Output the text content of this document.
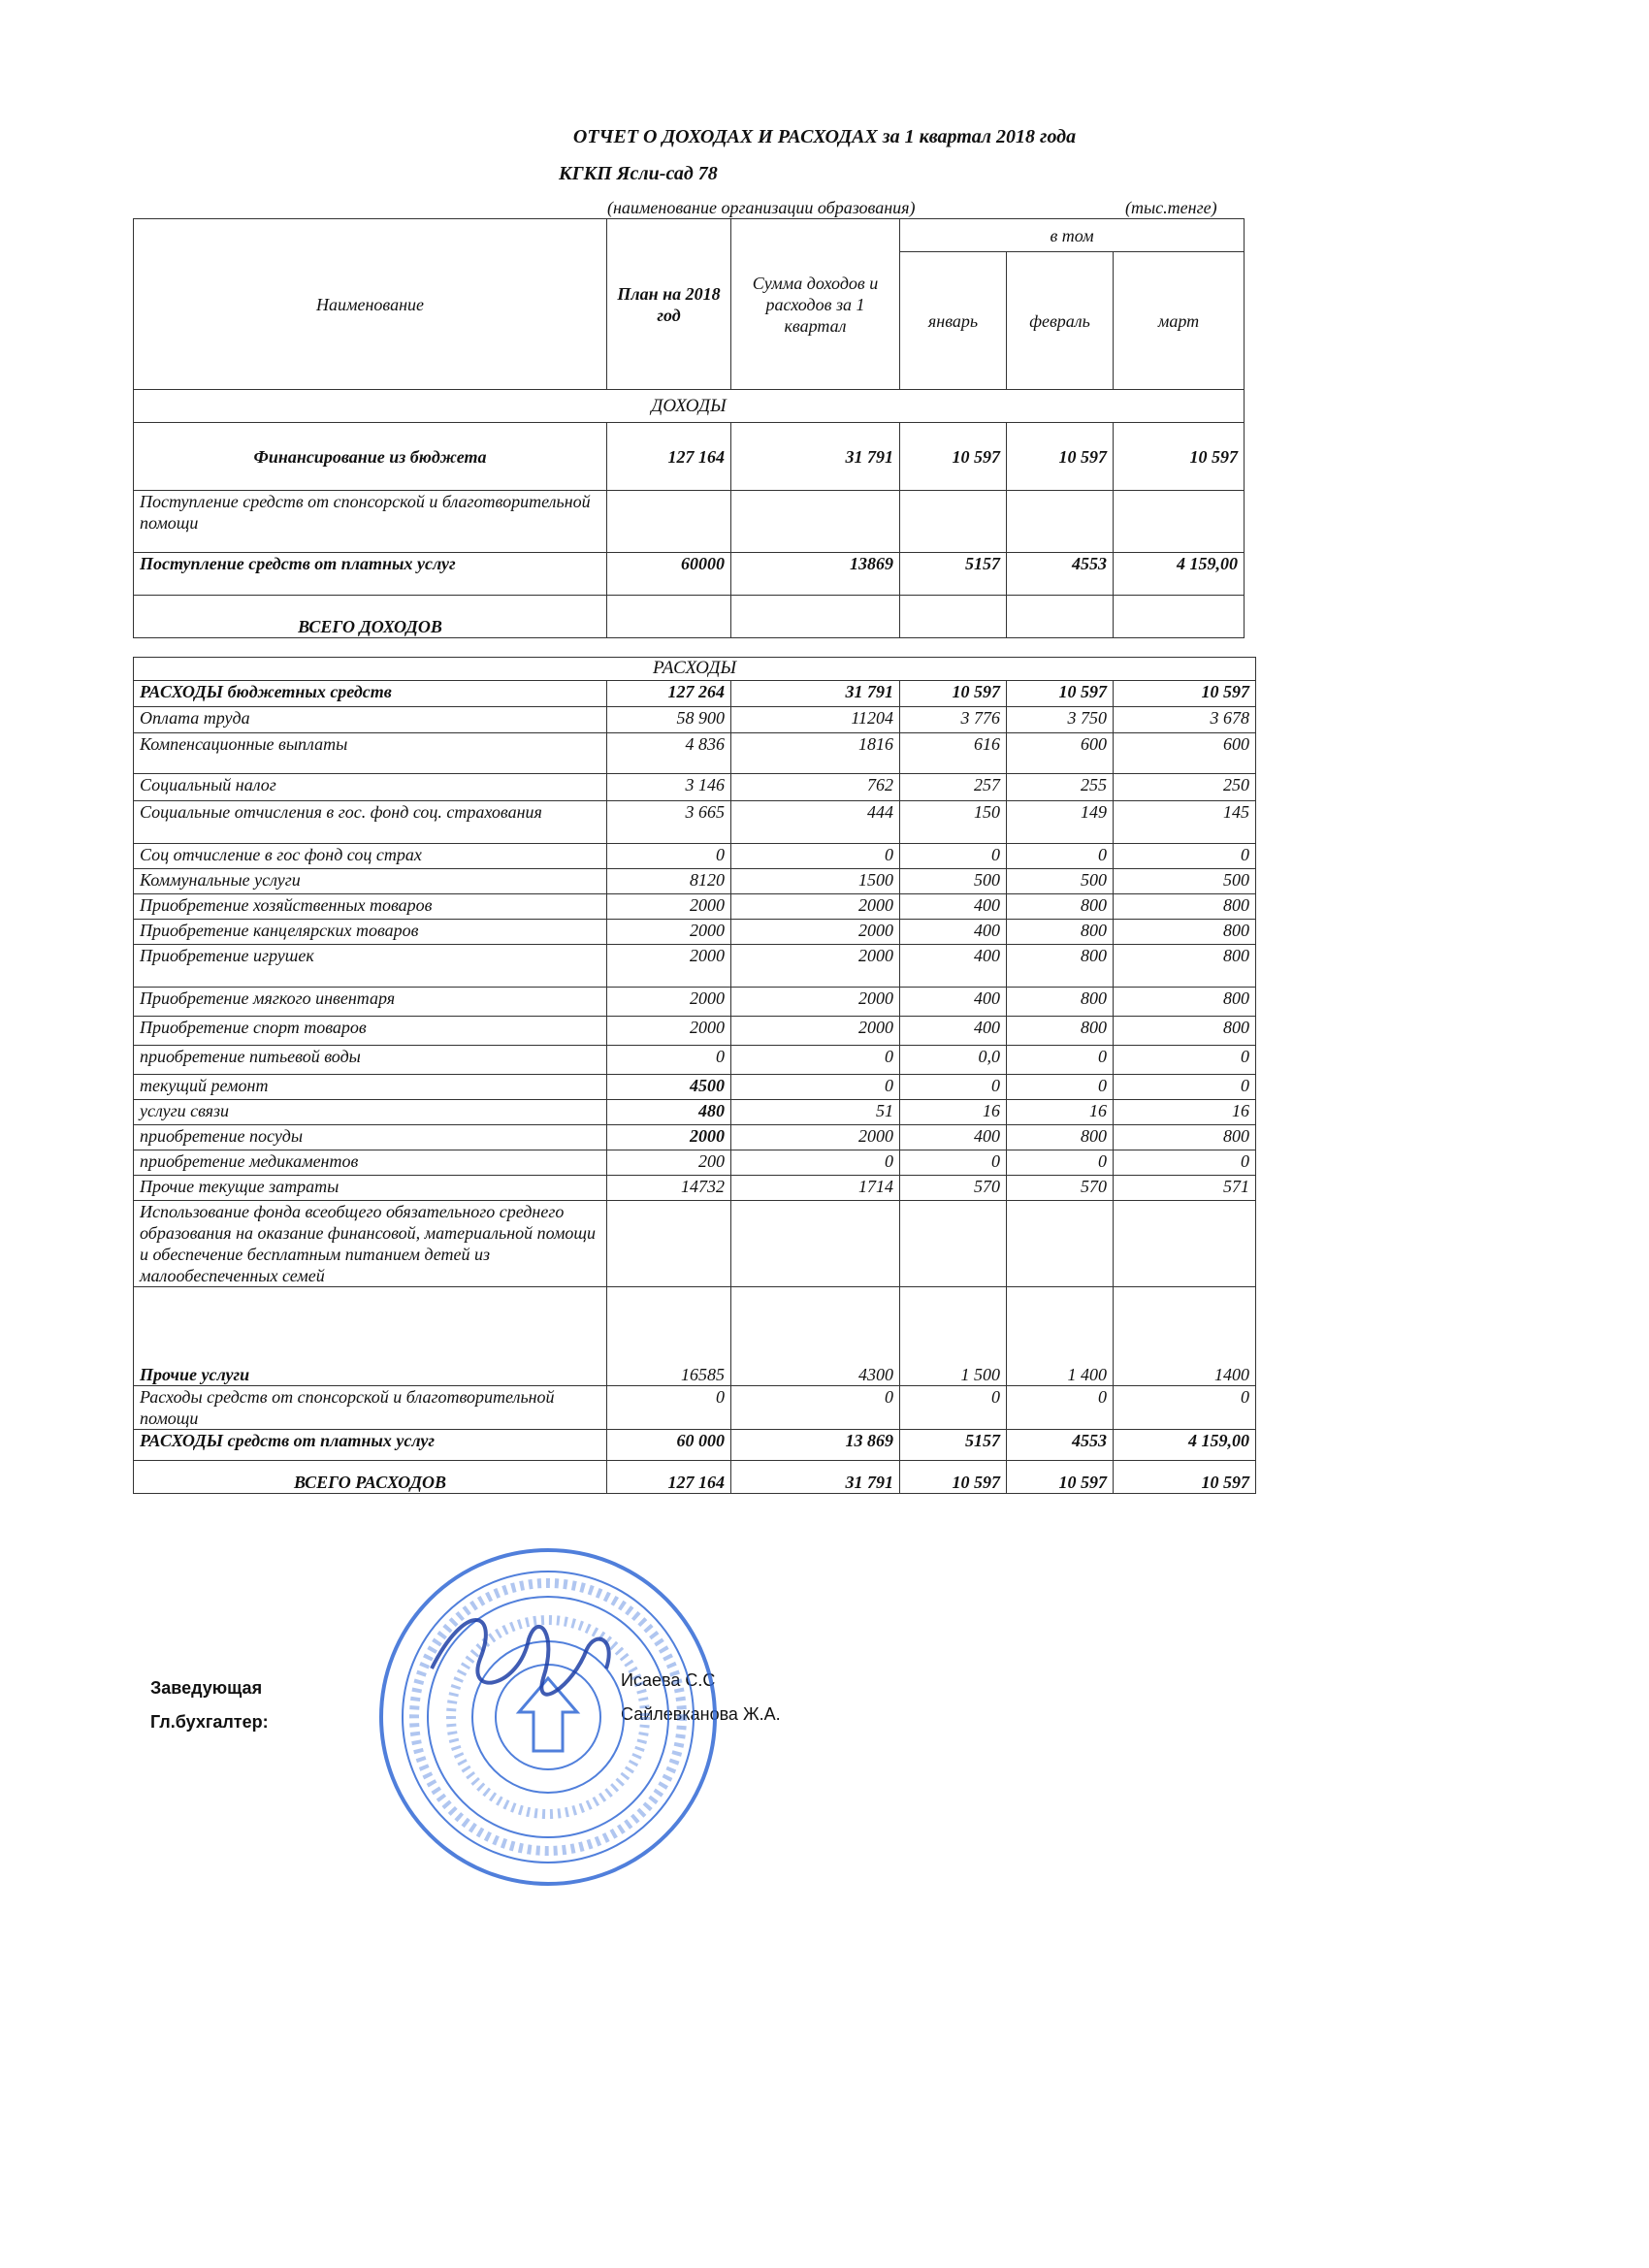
ОТЧЕТ О ДОХОДАХ И РАСХОДАХ за 1 квартал 2018 года
КГКП Ясли-сад 78
(наименование организации образования)	(тыс.тенге)
Наименование	План на 2018 год	Сумма доходов и расходов за 1 квартал	в том		
			январь	февраль	март
ДОХОДЫ					
Финансирование из бюджета	127 164	31 791	10 597	10 597	10 597
Поступление средств от спонсорской и благотворительной помощи					
Поступление средств от платных услуг	60000	13869	5157	4553	4 159,00
ВСЕГО ДОХОДОВ					
РАСХОДЫ					
РАСХОДЫ бюджетных средств	127 264	31 791	10 597	10 597	10 597
Оплата труда	58 900	11204	3 776	3 750	3 678
Компенсационные выплаты	4 836	1816	616	600	600
Социальный налог	3 146	762	257	255	250
Социальные отчисления в гос. фонд соц. страхования	3 665	444	150	149	145
Соц отчисление в гос фонд соц страх	0	0	0	0	0
Коммунальные услуги	8120	1500	500	500	500
Приобретение хозяйственных товаров	2000	2000	400	800	800
Приобретение канцелярских товаров	2000	2000	400	800	800
Приобретение игрушек	2000	2000	400	800	800
Приобретение мягкого инвентаря	2000	2000	400	800	800
Приобретение спорт товаров	2000	2000	400	800	800
приобретение питьевой воды	0	0	0,0	0	0
текущий ремонт	4500	0	0	0	0
услуги связи	480	51	16	16	16
приобретение посуды	2000	2000	400	800	800
приобретение медикаментов	200	0	0	0	0
Прочие текущие затраты	14732	1714	570	570	571
Использование фонда всеобщего обязательного среднего образования на оказание финансовой, материальной помощи и обеспечение бесплатным питанием детей из малообеспеченных семей					
Прочие услуги	16585	4300	1 500	1 400	1400
Расходы средств от спонсорской и благотворительной помощи	0	0	0	0	0
РАСХОДЫ средств от платных услуг	60 000	13 869	5157	4553	4 159,00
ВСЕГО РАСХОДОВ	127 164	31 791	10 597	10 597	10 597
Заведующая	Исаева С.С
Гл.бухгалтер:	Сайлевканова Ж.А.
